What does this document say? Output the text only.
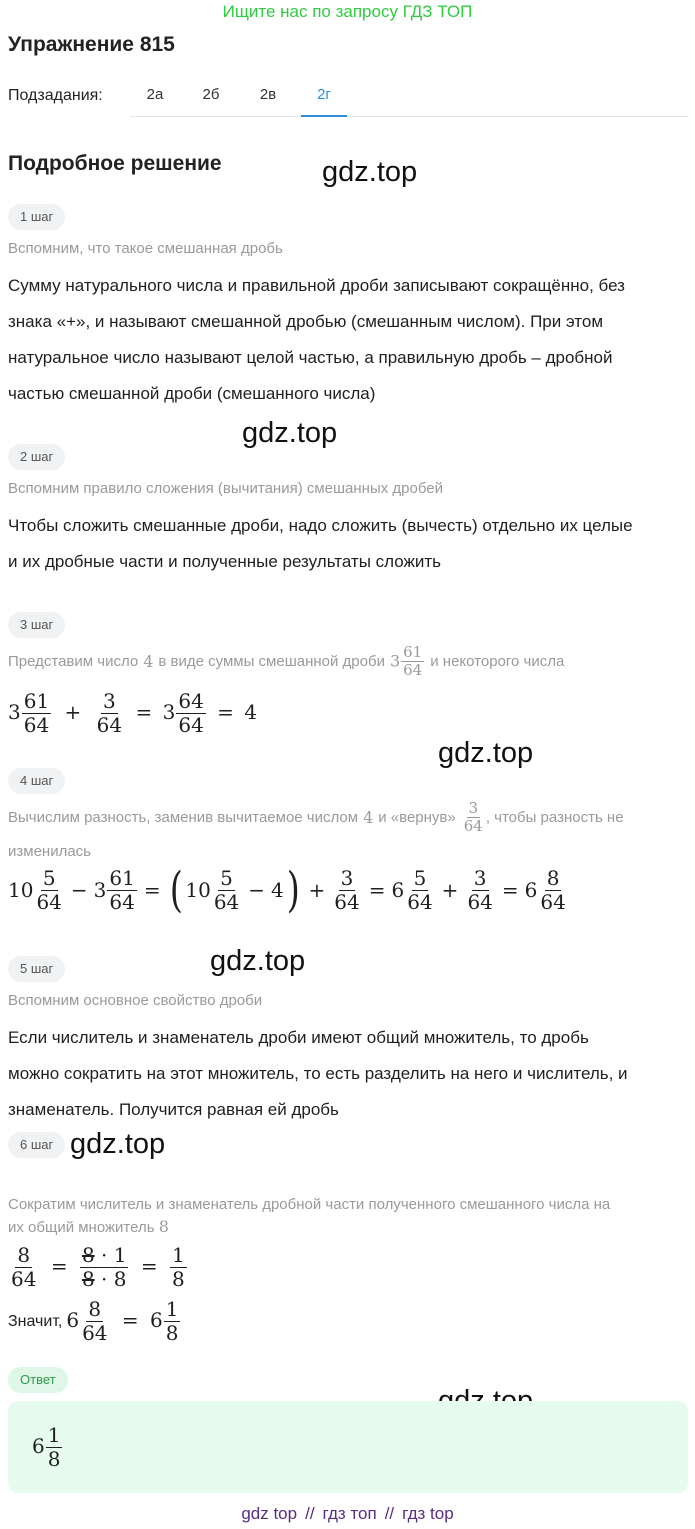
Ищите нас по запросу ГДЗ ТОП
Упражнение 815
Подзадания:	2а	2б	2в	2г
Подробное решение	gdz.top
gdz.top
gdz.top
gdz.top
gdz.top
1 шаг
Вспомним, что такое смешанная дробь
Сумму натурального числа и правильной дроби записывают сокращённо, без
знака «+», и называют смешанной дробью (смешанным числом). При этом
натуральное число называют целой частью, а правильную дробь – дробной
частью смешанной дроби (смешанного числа)
2 шаг
Вспомним правило сложения (вычитания) смешанных дробей
Чтобы сложить смешанные дроби, надо сложить (вычесть) отдельно их целые
и их дробные части и полученные результаты сложить
3 шаг
Представим число 4 в виде суммы смешанной дроби $3 \frac{61}{64}$ и некоторого числа
$3 \frac{61}{64} + \frac{3}{64} = 3 \frac{64}{64} = 4$
4 шаг
Вычислим разность, заменив вычитаемое числом 4 и «вернув»
3
64 , чтобы разность не
изменилась
10
5
$64 - 3 \frac{61}{64}$ = ( 10
5
64 − 4 ) + $\frac{3}{64} = 6$
5
$64 + \frac{3}{64} = 6$
8
64
5 шаг
Вспомним основное свойство дроби
Если числитель и знаменатель дроби имеют общий множитель, то дробь
можно сократить на этот множитель, то есть разделить на него и числитель, и
знаменатель. Получится равная ей дробь
6 шаг
Сократим числитель и знаменатель дробной части полученного смешанного числа на
их общий множитель 8
$\frac{8}{64} = \frac{8 \cdot 1}{8 \cdot 8} = \frac{1}{8}$
Значит, $6 \frac{8}{64} = 6 \frac{1}{8}$
Ответ
$6 \frac{1}{8}$
gdz top // гдз топ // гдз top
